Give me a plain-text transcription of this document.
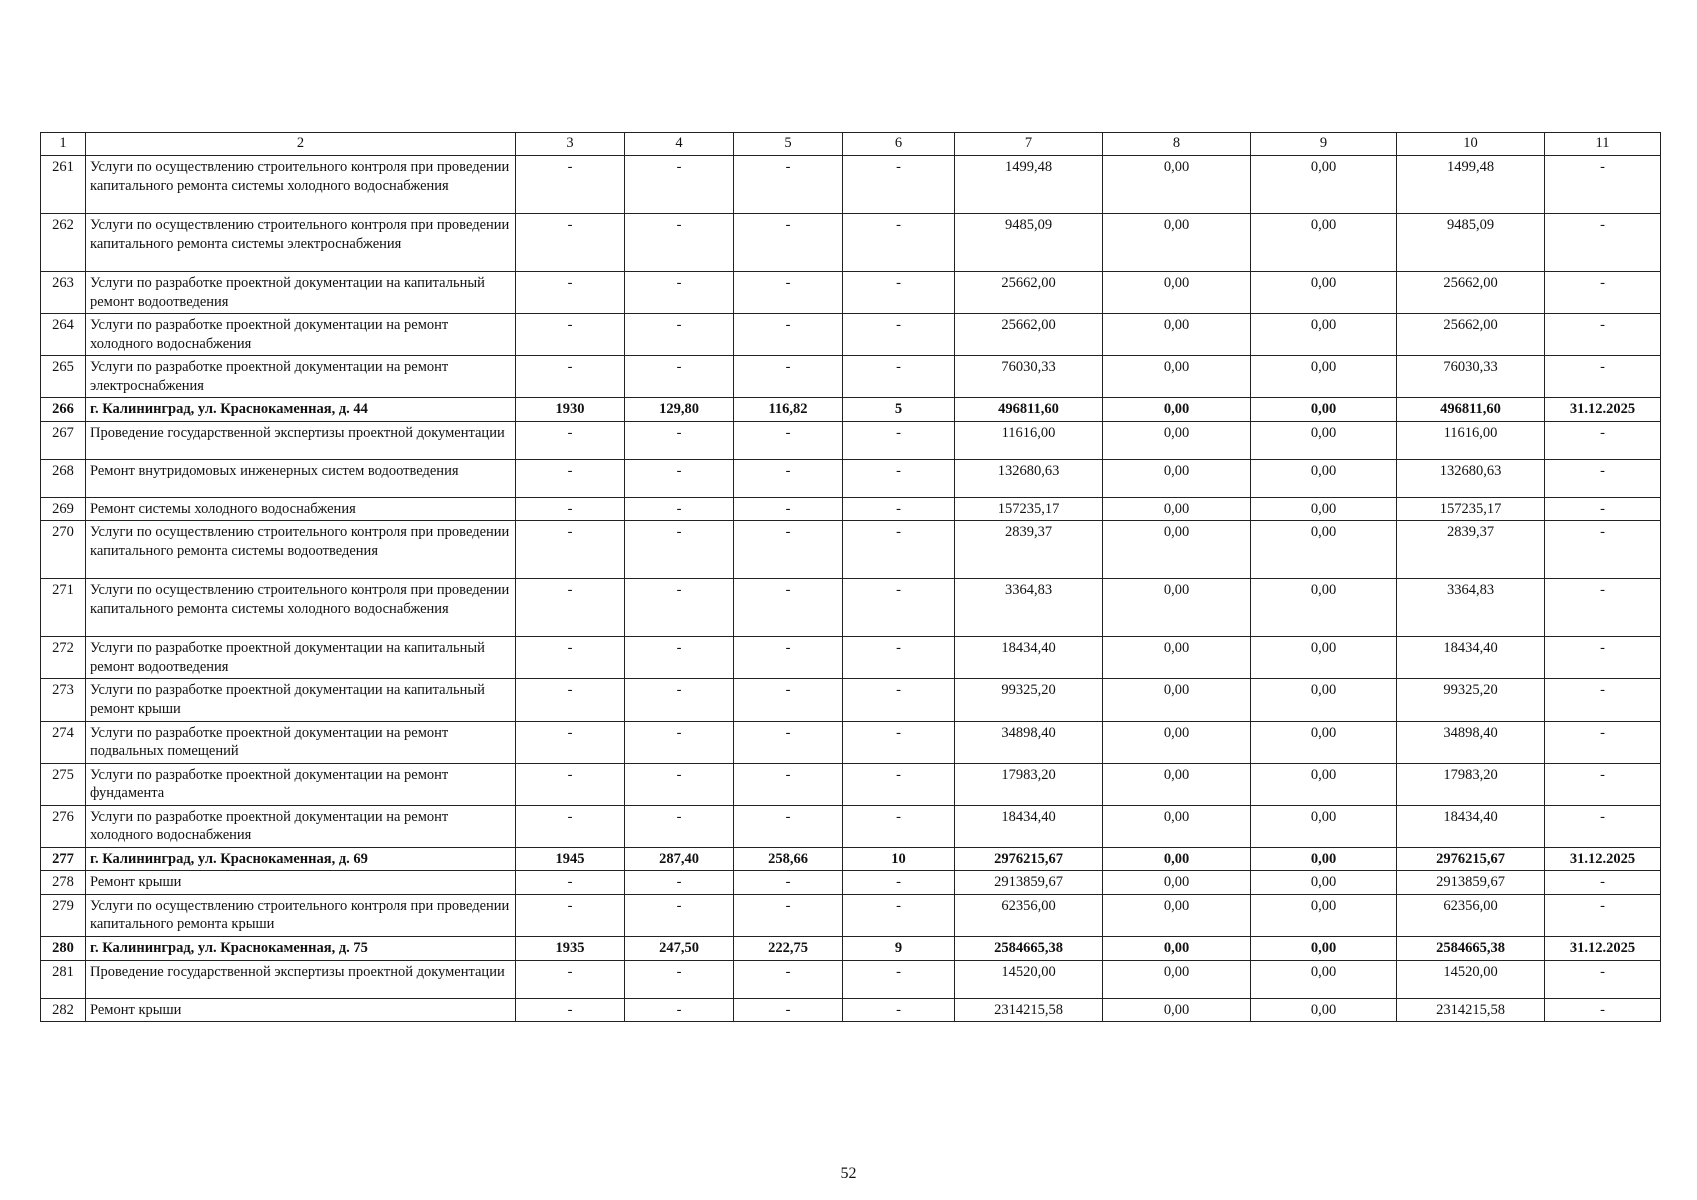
1	2	3	4	5	6	7	8	9	10	11
261	Услуги по осуществлению строительного контроля при проведении капитального ремонта системы холодного водоснабжения	-	-	-	-	1499,48	0,00	0,00	1499,48	-
262	Услуги по осуществлению строительного контроля при проведении капитального ремонта системы электроснабжения	-	-	-	-	9485,09	0,00	0,00	9485,09	-
263	Услуги по разработке проектной документации на капитальный ремонт водоотведения	-	-	-	-	25662,00	0,00	0,00	25662,00	-
264	Услуги по разработке проектной документации на ремонт холодного водоснабжения	-	-	-	-	25662,00	0,00	0,00	25662,00	-
265	Услуги по разработке проектной документации на ремонт электроснабжения	-	-	-	-	76030,33	0,00	0,00	76030,33	-
266	г. Калининград, ул. Краснокаменная, д. 44	1930	129,80	116,82	5	496811,60	0,00	0,00	496811,60	31.12.2025
267	Проведение государственной экспертизы проектной документации	-	-	-	-	11616,00	0,00	0,00	11616,00	-
268	Ремонт внутридомовых инженерных систем водоотведения	-	-	-	-	132680,63	0,00	0,00	132680,63	-
269	Ремонт системы холодного водоснабжения	-	-	-	-	157235,17	0,00	0,00	157235,17	-
270	Услуги по осуществлению строительного контроля при проведении капитального ремонта системы водоотведения	-	-	-	-	2839,37	0,00	0,00	2839,37	-
271	Услуги по осуществлению строительного контроля при проведении капитального ремонта системы холодного водоснабжения	-	-	-	-	3364,83	0,00	0,00	3364,83	-
272	Услуги по разработке проектной документации на капитальный ремонт водоотведения	-	-	-	-	18434,40	0,00	0,00	18434,40	-
273	Услуги по разработке проектной документации на капитальный ремонт крыши	-	-	-	-	99325,20	0,00	0,00	99325,20	-
274	Услуги по разработке проектной документации на ремонт подвальных помещений	-	-	-	-	34898,40	0,00	0,00	34898,40	-
275	Услуги по разработке проектной документации на ремонт фундамента	-	-	-	-	17983,20	0,00	0,00	17983,20	-
276	Услуги по разработке проектной документации на ремонт холодного водоснабжения	-	-	-	-	18434,40	0,00	0,00	18434,40	-
277	г. Калининград, ул. Краснокаменная, д. 69	1945	287,40	258,66	10	2976215,67	0,00	0,00	2976215,67	31.12.2025
278	Ремонт крыши	-	-	-	-	2913859,67	0,00	0,00	2913859,67	-
279	Услуги по осуществлению строительного контроля при проведении капитального ремонта крыши	-	-	-	-	62356,00	0,00	0,00	62356,00	-
280	г. Калининград, ул. Краснокаменная, д. 75	1935	247,50	222,75	9	2584665,38	0,00	0,00	2584665,38	31.12.2025
281	Проведение государственной экспертизы проектной документации	-	-	-	-	14520,00	0,00	0,00	14520,00	-
282	Ремонт крыши	-	-	-	-	2314215,58	0,00	0,00	2314215,58	-
52
